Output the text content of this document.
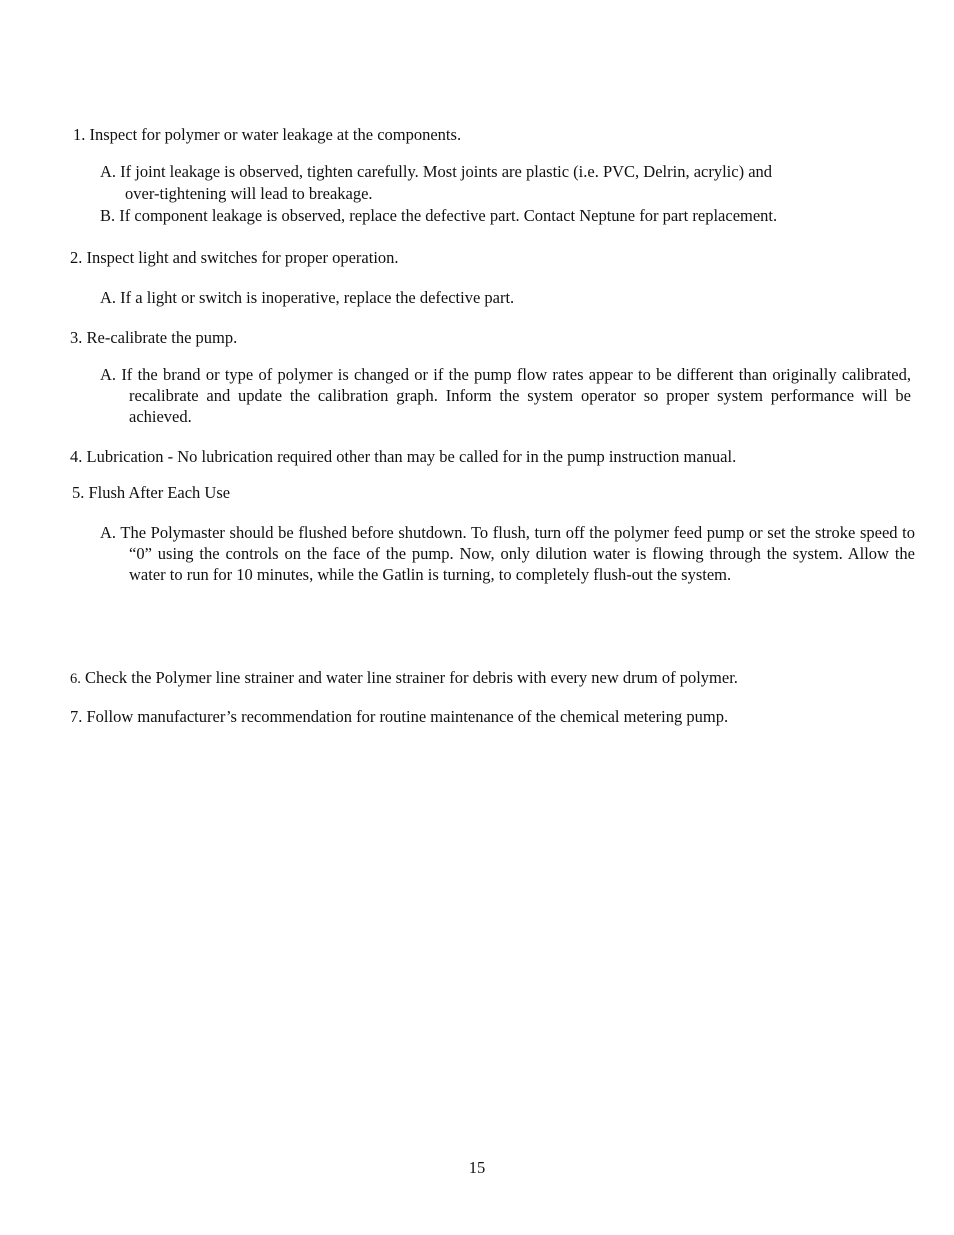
1. Inspect for polymer or water leakage at the components.

A. If joint leakage is observed, tighten carefully. Most joints are plastic (i.e. PVC, Delrin, acrylic) and

over-tightening will lead to breakage.

B. If component leakage is observed, replace the defective part. Contact Neptune for part replacement.

2. Inspect light and switches for proper operation.

A. If a light or switch is inoperative, replace the defective part.

3. Re-calibrate the pump.

A. If the brand or type of polymer is changed or if the pump flow rates appear to be different than originally calibrated, recalibrate and update the calibration graph. Inform the system operator so proper system performance will be achieved.

4. Lubrication - No lubrication required other than may be called for in the pump instruction manual.

5. Flush After Each Use

A. The Polymaster should be flushed before shutdown. To flush, turn off the polymer feed pump or set the stroke speed to “0” using the controls on the face of the pump. Now, only dilution water is flowing through the system. Allow the water to run for 10 minutes, while the Gatlin is turning, to completely flush-out the system.

6. Check the Polymer line strainer and water line strainer for debris with every new drum of polymer.

7. Follow manufacturer’s recommendation for routine maintenance of the chemical metering pump.

15
